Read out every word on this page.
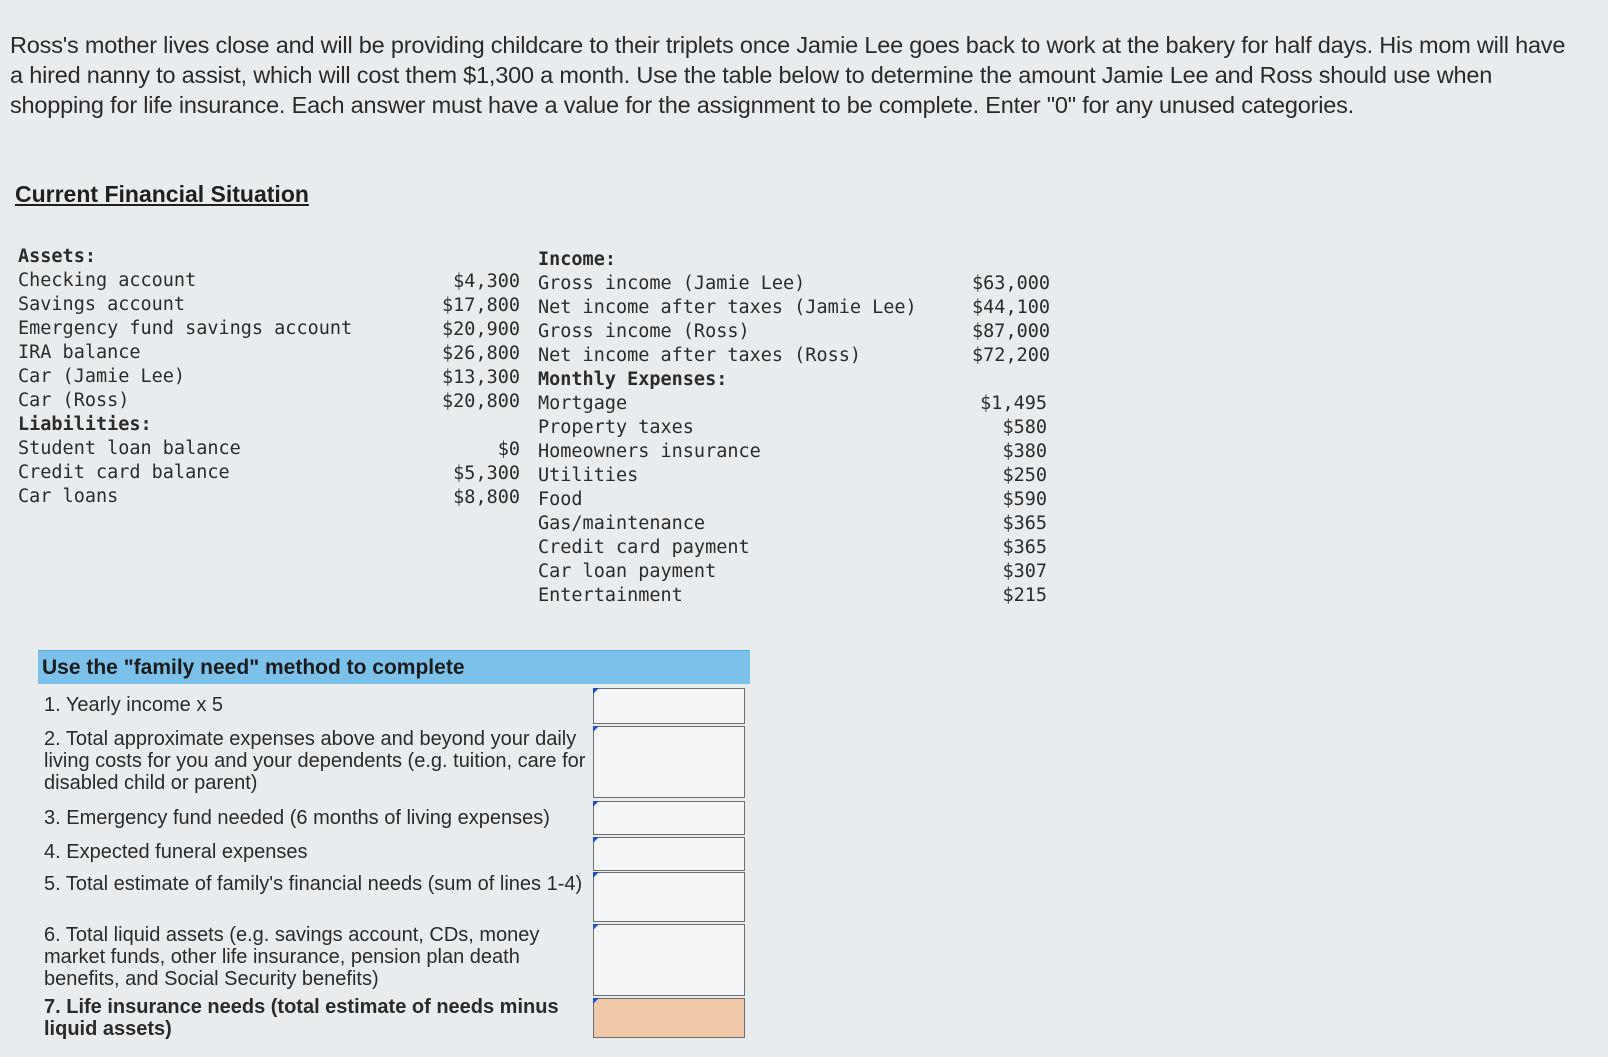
Ross's mother lives close and will be providing childcare to their triplets once Jamie Lee goes back to work at the bakery for half days. His mom will have a hired nanny to assist, which will cost them $1,300 a month. Use the table below to determine the amount Jamie Lee and Ross should use when shopping for life insurance. Each answer must have a value for the assignment to be complete. Enter "0" for any unused categories.
Current Financial Situation
Assets:
Checking account
Savings account
Emergency fund savings account
IRA balance
Car (Jamie Lee)
Car (Ross)
Liabilities:
Student loan balance
Credit card balance
Car loans
$4,300
$17,800
$20,900
$26,800
$13,300
$20,800
$0
$5,300
$8,800
Income:
Gross income (Jamie Lee)
Net income after taxes (Jamie Lee)
Gross income (Ross)
Net income after taxes (Ross)
Monthly Expenses:
Mortgage
Property taxes
Homeowners insurance
Utilities
Food
Gas/maintenance
Credit card payment
Car loan payment
Entertainment
$63,000
$44,100
$87,000
$72,200
$1,495
$580
$380
$250
$590
$365
$365
$307
$215
Use the "family need" method to complete
1. Yearly income x 5
2. Total approximate expenses above and beyond your daily living costs for you and your dependents (e.g. tuition, care for disabled child or parent)
3. Emergency fund needed (6 months of living expenses)
4. Expected funeral expenses
5. Total estimate of family's financial needs (sum of lines 1-4)
6. Total liquid assets (e.g. savings account, CDs, money market funds, other life insurance, pension plan death benefits, and Social Security benefits)
7. Life insurance needs (total estimate of needs minus liquid assets)
